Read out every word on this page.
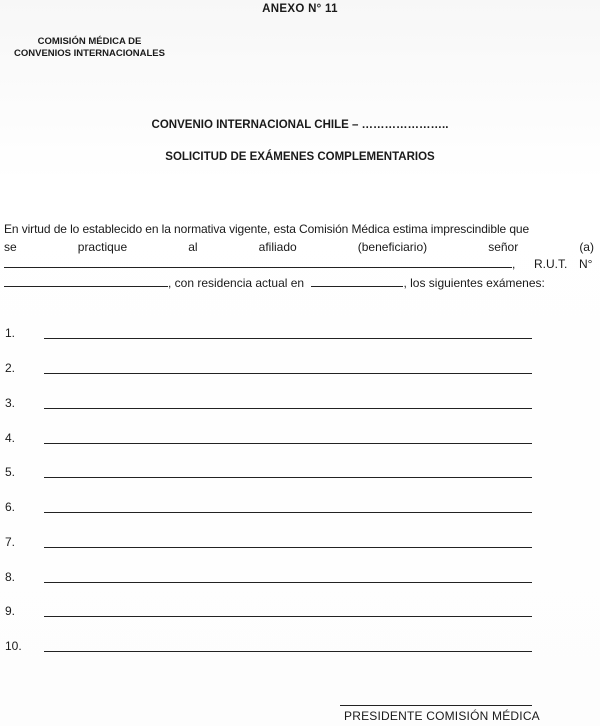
ANEXO N° 11
COMISIÓN MÉDICA DE
CONVENIOS INTERNACIONALES
CONVENIO INTERNACIONAL CHILE – …………………..
SOLICITUD DE EXÁMENES COMPLEMENTARIOS
En virtud de lo establecido en la normativa vigente, esta Comisión Médica estima imprescindible que
se	practique	al	afiliado	(beneficiario)	señor	(a)
, R.U.T. N°
, con residencia actual en	, los siguientes exámenes:
1.
2.
3.
4.
5.
6.
7.
8.
9.
10.
PRESIDENTE COMISIÓN MÉDICA
